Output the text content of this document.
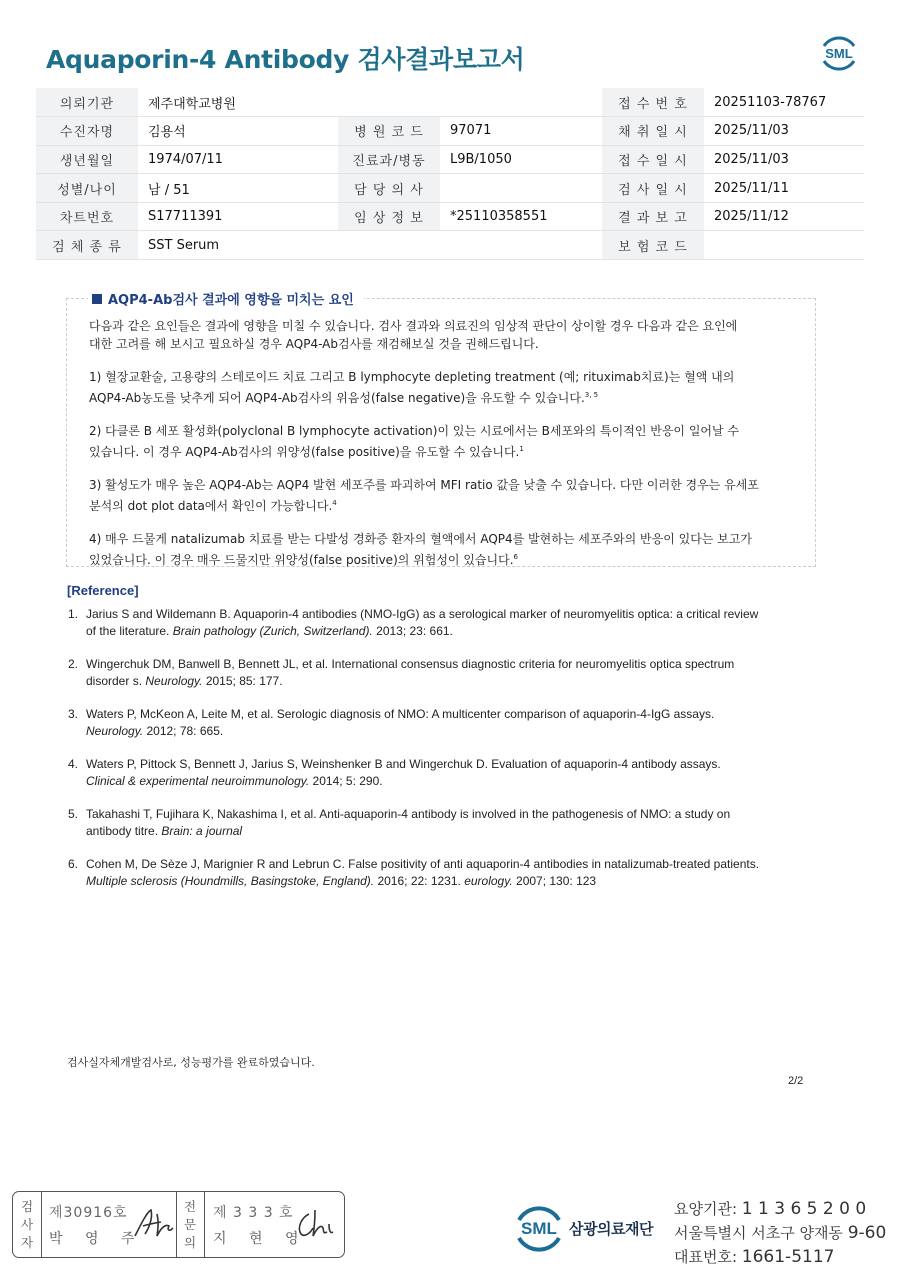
Aquaporin-4 Antibody 검사결과보고서	SML
의뢰기관	제주대학교병원			접 수 번 호	20251103-78767
수진자명	김용석	병 원 코 드	97071	채 취 일 시	2025/11/03
생년월일	1974/07/11	진료과/병동	L9B/1050	접 수 일 시	2025/11/03
성별/나이	남 / 51	담 당 의 사		검 사 일 시	2025/11/11
차트번호	S17711391	임 상 정 보	*25110358551	결 과 보 고	2025/11/12
검 체 종 류	SST Serum			보 험 코 드	
AQP4-Ab검사 결과에 영향을 미치는 요인

다음과 같은 요인들은 결과에 영향을 미칠 수 있습니다. 검사 결과와 의료진의 임상적 판단이 상이할 경우 다음과 같은 요인에
대한 고려를 해 보시고 필요하실 경우 AQP4-Ab검사를 재검해보실 것을 권해드립니다.

1) 혈장교환술, 고용량의 스테로이드 치료 그리고 B lymphocyte depleting treatment (예; rituximab치료)는 혈액 내의
AQP4-Ab농도를 낮추게 되어 AQP4-Ab검사의 위음성(false negative)을 유도할 수 있습니다.$^{3, 5}$

2) 다클론 B 세포 활성화(polyclonal B lymphocyte activation)이 있는 시료에서는 B세포와의 특이적인 반응이 일어날 수
있습니다. 이 경우 AQP4-Ab검사의 위양성(false positive)을 유도할 수 있습니다.$^1$

3) 활성도가 매우 높은 AQP4-Ab는 AQP4 발현 세포주를 파괴하여 MFI ratio 값을 낮출 수 있습니다. 다만 이러한 경우는 유세포
분석의 dot plot data에서 확인이 가능합니다.$^4$

4) 매우 드물게 natalizumab 치료를 받는 다발성 경화증 환자의 혈액에서 AQP4를 발현하는 세포주와의 반응이 있다는 보고가
있었습니다. 이 경우 매우 드물지만 위양성(false positive)의 위험성이 있습니다.$^6$

[Reference]
1. Jarius S and Wildemann B. Aquaporin-4 antibodies (NMO-IgG) as a serological marker of neuromyelitis optica: a critical review
of the literature. Brain pathology (Zurich, Switzerland). 2013; 23: 661.
2. Wingerchuk DM, Banwell B, Bennett JL, et al. International consensus diagnostic criteria for neuromyelitis optica spectrum
disorder s. Neurology. 2015; 85: 177.
3. Waters P, McKeon A, Leite M, et al. Serologic diagnosis of NMO: A multicenter comparison of aquaporin-4-IgG assays.
Neurology. 2012; 78: 665.
4. Waters P, Pittock S, Bennett J, Jarius S, Weinshenker B and Wingerchuk D. Evaluation of aquaporin-4 antibody assays.
Clinical & experimental neuroimmunology. 2014; 5: 290.
5. Takahashi T, Fujihara K, Nakashima I, et al. Anti-aquaporin-4 antibody is involved in the pathogenesis of NMO: a study on
antibody titre. Brain: a journal
6. Cohen M, De Sèze J, Marignier R and Lebrun C. False positivity of anti aquaporin-4 antibodies in natalizumab-treated patients.
Multiple sclerosis (Houndmills, Basingstoke, England). 2016; 22: 1231. eurology. 2007; 130: 123
검사실자체개발검사로, 성능평가를 완료하였습니다.
2/2
검
사
자
제30916호
박 영 주
전
문
의
제 3 3 3 호
지 현 영
SML 삼광의료재단
요양기관: 1 1 3 6 5 2 0 0
서울특별시 서초구 양재동 9-60
대표번호: 1661-5117
